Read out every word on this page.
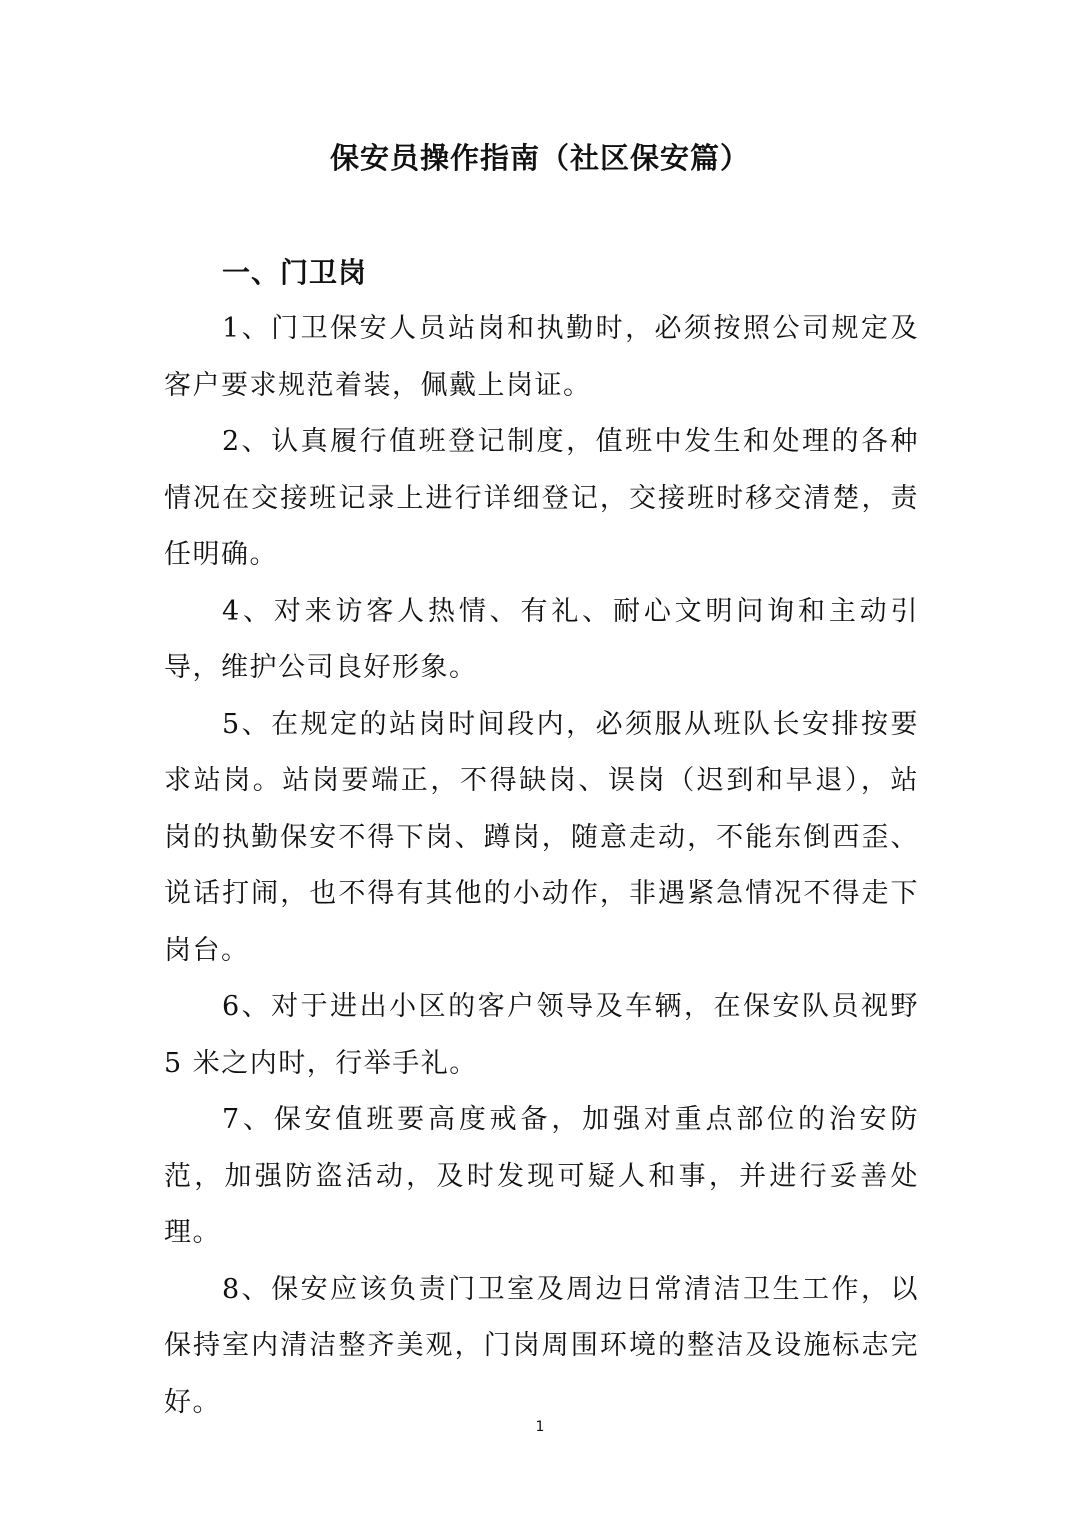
保安员操作指南（社区保安篇）
一、门卫岗

1、门卫保安人员站岗和执勤时，必须按照公司规定及客户要求规范着装，佩戴上岗证。

2、认真履行值班登记制度，值班中发生和处理的各种情况在交接班记录上进行详细登记，交接班时移交清楚，责任明确。

4、对来访客人热情、有礼、耐心文明问询和主动引导，维护公司良好形象。

5、在规定的站岗时间段内，必须服从班队长安排按要求站岗。站岗要端正，不得缺岗、误岗（迟到和早退），站岗的执勤保安不得下岗、蹲岗，随意走动，不能东倒西歪、说话打闹，也不得有其他的小动作，非遇紧急情况不得走下岗台。

6、对于进出小区的客户领导及车辆，在保安队员视野 5 米之内时，行举手礼。

7、保安值班要高度戒备，加强对重点部位的治安防范，加强防盗活动，及时发现可疑人和事，并进行妥善处理。

8、保安应该负责门卫室及周边日常清洁卫生工作，以保持室内清洁整齐美观，门岗周围环境的整洁及设施标志完好。

1
